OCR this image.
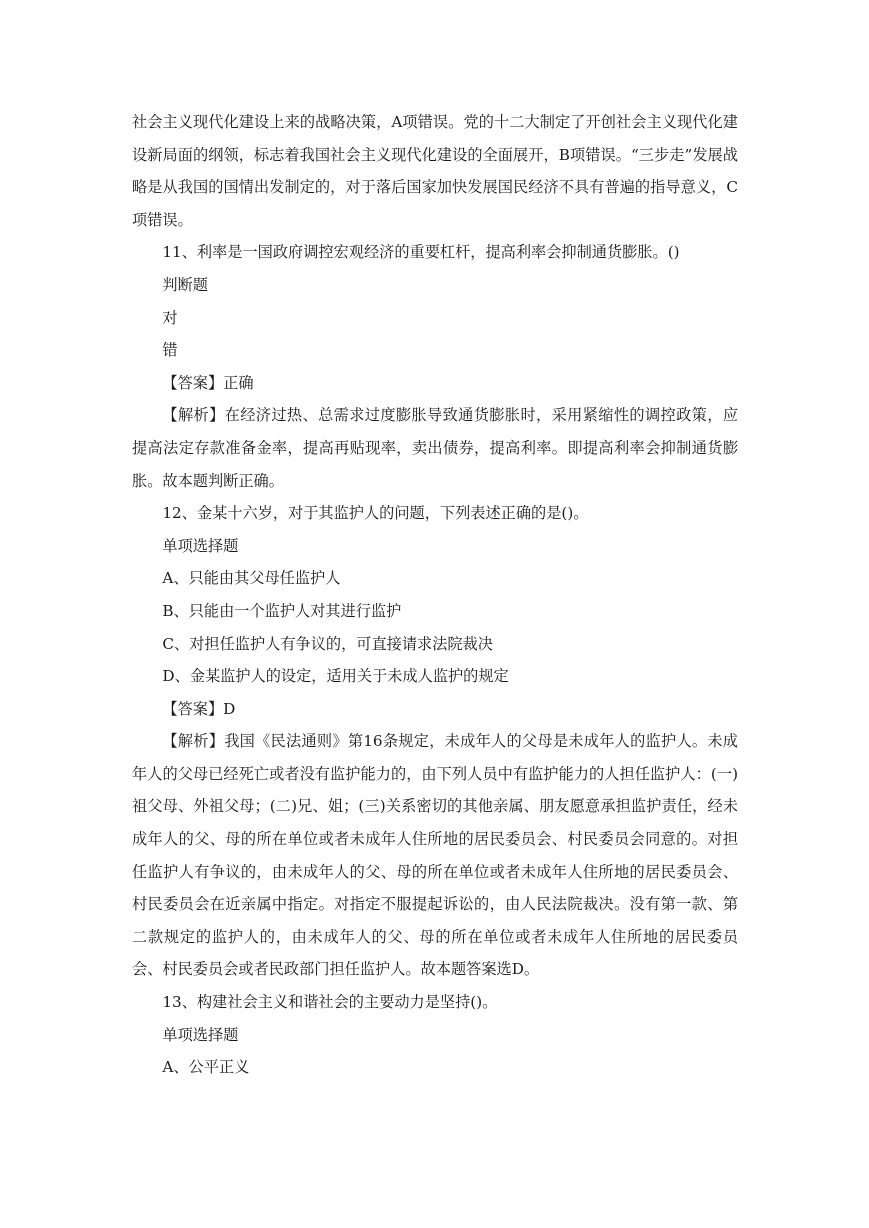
社会主义现代化建设上来的战略决策，A项错误。党的十二大制定了开创社会主义现代化建设新局面的纲领，标志着我国社会主义现代化建设的全面展开，B项错误。“三步走”发展战略是从我国的国情出发制定的，对于落后国家加快发展国民经济不具有普遍的指导意义，C项错误。

11、利率是一国政府调控宏观经济的重要杠杆，提高利率会抑制通货膨胀。()

判断题

对

错

【答案】正确

【解析】在经济过热、总需求过度膨胀导致通货膨胀时，采用紧缩性的调控政策，应提高法定存款准备金率，提高再贴现率，卖出债券，提高利率。即提高利率会抑制通货膨胀。故本题判断正确。

12、金某十六岁，对于其监护人的问题，下列表述正确的是()。

单项选择题

A、只能由其父母任监护人

B、只能由一个监护人对其进行监护

C、对担任监护人有争议的，可直接请求法院裁决

D、金某监护人的设定，适用关于未成人监护的规定

【答案】D

【解析】我国《民法通则》第16条规定，未成年人的父母是未成年人的监护人。未成年人的父母已经死亡或者没有监护能力的，由下列人员中有监护能力的人担任监护人：(一)祖父母、外祖父母；(二)兄、姐；(三)关系密切的其他亲属、朋友愿意承担监护责任，经未成年人的父、母的所在单位或者未成年人住所地的居民委员会、村民委员会同意的。对担任监护人有争议的，由未成年人的父、母的所在单位或者未成年人住所地的居民委员会、村民委员会在近亲属中指定。对指定不服提起诉讼的，由人民法院裁决。没有第一款、第二款规定的监护人的，由未成年人的父、母的所在单位或者未成年人住所地的居民委员会、村民委员会或者民政部门担任监护人。故本题答案选D。

13、构建社会主义和谐社会的主要动力是坚持()。

单项选择题

A、公平正义
